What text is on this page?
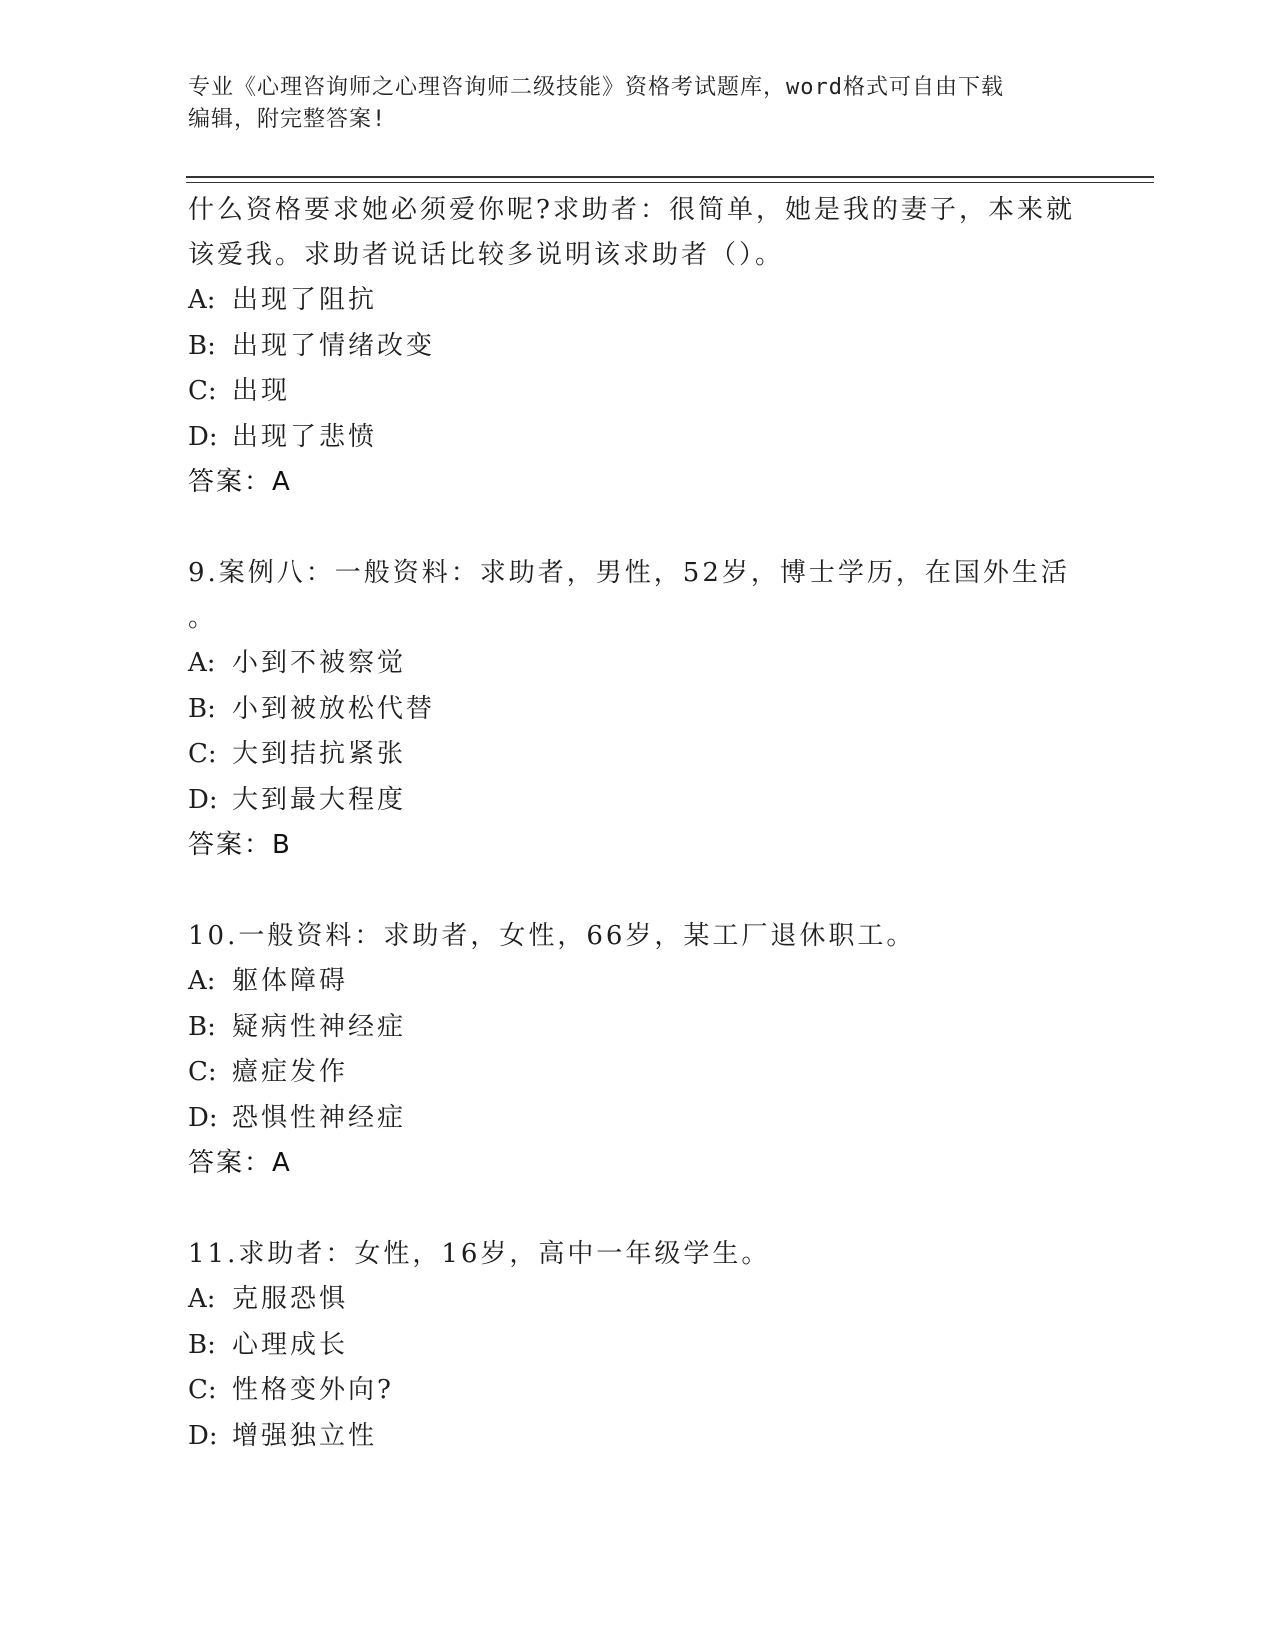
专业《心理咨询师之心理咨询师二级技能》资格考试题库，word格式可自由下载
编辑，附完整答案!
什么资格要求她必须爱你呢?求助者：很简单，她是我的妻子，本来就
该爱我。求助者说话比较多说明该求助者（）。
A: 出现了阻抗
B: 出现了情绪改变
C: 出现
D: 出现了悲愤
答案：A
9.案例八：一般资料：求助者，男性，52岁，博士学历，在国外生活
。
A: 小到不被察觉
B: 小到被放松代替
C: 大到拮抗紧张
D: 大到最大程度
答案：B
10.一般资料：求助者，女性，66岁，某工厂退休职工。
A: 躯体障碍
B: 疑病性神经症
C: 癔症发作
D: 恐惧性神经症
答案：A
11.求助者：女性，16岁，高中一年级学生。
A: 克服恐惧
B: 心理成长
C: 性格变外向?
D: 增强独立性
